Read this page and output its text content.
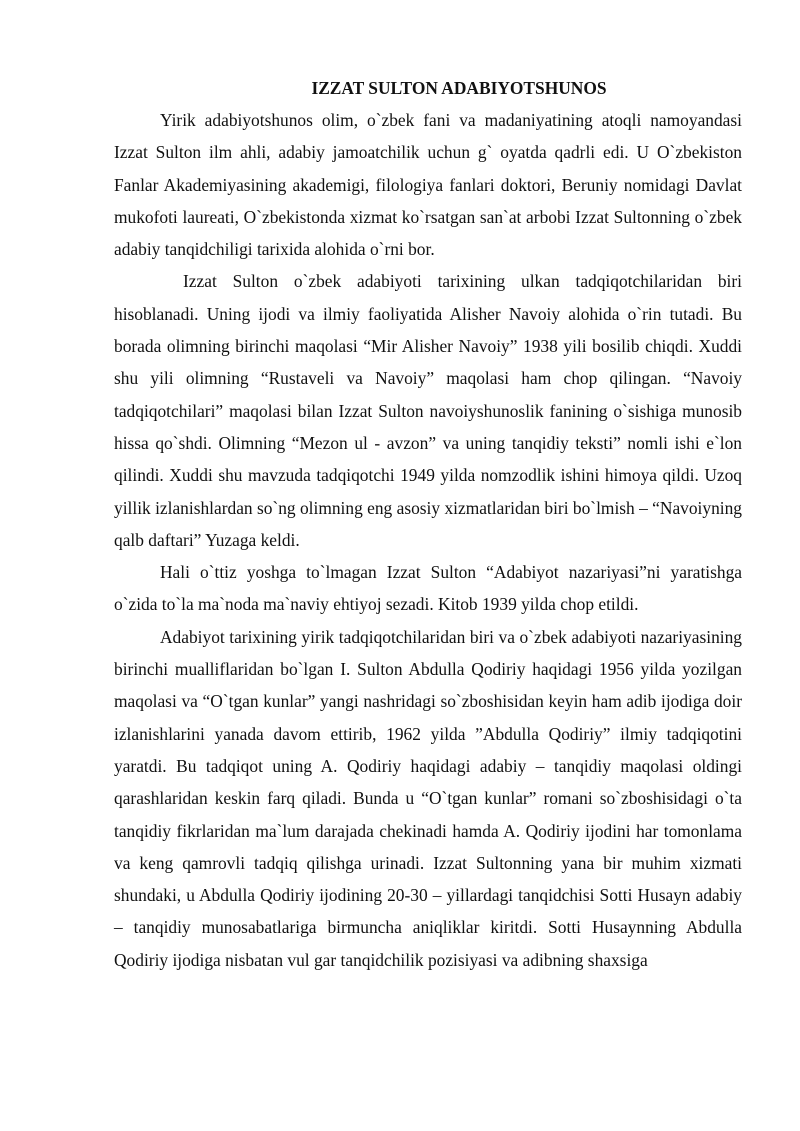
IZZAT SULTON ADABIYOTSHUNOS

Yirik adabiyotshunos olim, o`zbek fani va madaniyatining atoqli namoyandasi Izzat Sulton ilm ahli, adabiy jamoatchilik uchun g` oyatda qadrli edi. U O`zbekiston Fanlar Akademiyasining akademigi, filologiya fanlari doktori, Beruniy nomidagi Davlat mukofoti laureati, O`zbekistonda xizmat ko`rsatgan san`at arbobi Izzat Sultonning o`zbek adabiy tanqidchiligi tarixida alohida o`rni bor.

Izzat Sulton o`zbek adabiyoti tarixining ulkan tadqiqotchilaridan biri hisoblanadi. Uning ijodi va ilmiy faoliyatida Alisher Navoiy alohida o`rin tutadi. Bu borada olimning birinchi maqolasi “Mir Alisher Navoiy” 1938 yili bosilib chiqdi. Xuddi shu yili olimning “Rustaveli va Navoiy” maqolasi ham chop qilingan. “Navoiy tadqiqotchilari” maqolasi bilan Izzat Sulton navoiyshunoslik fanining o`sishiga munosib hissa qo`shdi. Olimning “Mezon ul - avzon” va uning tanqidiy teksti” nomli ishi e`lon qilindi. Xuddi shu mavzuda tadqiqotchi 1949 yilda nomzodlik ishini himoya qildi. Uzoq yillik izlanishlardan so`ng olimning eng asosiy xizmatlaridan biri bo`lmish – “Navoiyning qalb daftari” Yuzaga keldi.

Hali o`ttiz yoshga to`lmagan Izzat Sulton “Adabiyot nazariyasi”ni yaratishga o`zida to`la ma`noda ma`naviy ehtiyoj sezadi. Kitob 1939 yilda chop etildi.

Adabiyot tarixining yirik tadqiqotchilaridan biri va o`zbek adabiyoti nazariyasining birinchi mualliflaridan bo`lgan I. Sulton Abdulla Qodiriy haqidagi 1956 yilda yozilgan maqolasi va “O`tgan kunlar” yangi nashridagi so`zboshisidan keyin ham adib ijodiga doir izlanishlarini yanada davom ettirib, 1962 yilda ”Abdulla Qodiriy” ilmiy tadqiqotini yaratdi. Bu tadqiqot uning A. Qodiriy haqidagi adabiy – tanqidiy maqolasi oldingi qarashlaridan keskin farq qiladi. Bunda u “O`tgan kunlar” romani so`zboshisidagi o`ta tanqidiy fikrlaridan ma`lum darajada chekinadi hamda A. Qodiriy ijodini har tomonlama va keng qamrovli tadqiq qilishga urinadi. Izzat Sultonning yana bir muhim xizmati shundaki, u Abdulla Qodiriy ijodining 20-30 – yillardagi tanqidchisi Sotti Husayn adabiy – tanqidiy munosabatlariga birmuncha aniqliklar kiritdi. Sotti Husaynning Abdulla Qodiriy ijodiga nisbatan vul gar tanqidchilik pozisiyasi va adibning shaxsiga
